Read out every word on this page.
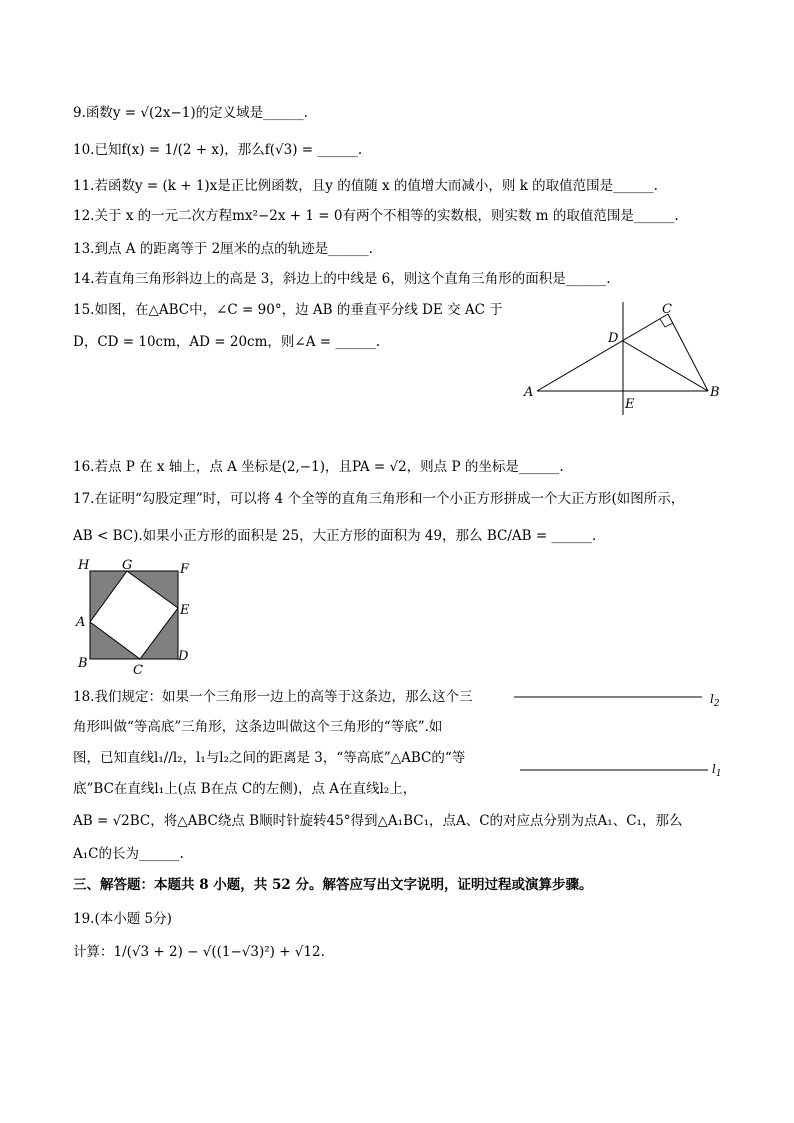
9.函数y = √(2x−1)的定义域是______.
10.已知f(x) = 1/(2 + x)，那么f(√3) = ______.
11.若函数y = (k + 1)x是正比例函数，且y 的值随 x 的值增大而减小，则 k 的取值范围是______.
12.关于 x 的一元二次方程mx²−2x + 1 = 0有两个不相等的实数根，则实数 m 的取值范围是______.
13.到点 A 的距离等于 2厘米的点的轨迹是______.
14.若直角三角形斜边上的高是 3，斜边上的中线是 6，则这个直角三角形的面积是______.
15.如图，在△ABC中，∠C = 90°，边 AB 的垂直平分线 DE 交 AC 于
D，CD = 10cm，AD = 20cm，则∠A = ______.
A	B
C
D
E
16.若点 P 在 x 轴上，点 A 坐标是(2,−1)，且PA = √2，则点 P 的坐标是______.
17.在证明“勾股定理”时，可以将 4 个全等的直角三角形和一个小正方形拼成一个大正方形(如图所示，
AB < BC).如果小正方形的面积是 25，大正方形的面积为 49，那么 BC/AB = ______.
H	G	F
A
E
B	C
D
18.我们规定：如果一个三角形一边上的高等于这条边，那么这个三
角形叫做“等高底”三角形，这条边叫做这个三角形的“等底”.如
图，已知直线l₁//l₂，l₁与l₂之间的距离是 3，“等高底”△ABC的“等
底”BC在直线l₁上(点 B在点 C的左侧)，点 A在直线l₂上，
$l_2$
$l_1$
AB = √2BC，将△ABC绕点 B顺时针旋转45°得到△A₁BC₁，点A、C的对应点分别为点A₁、C₁，那么
A₁C的长为______.
三、解答题：本题共 8 小题，共 52 分。解答应写出文字说明，证明过程或演算步骤。
19.(本小题 5分)
计算：1/(√3 + 2) − √((1−√3)²) + √12.
